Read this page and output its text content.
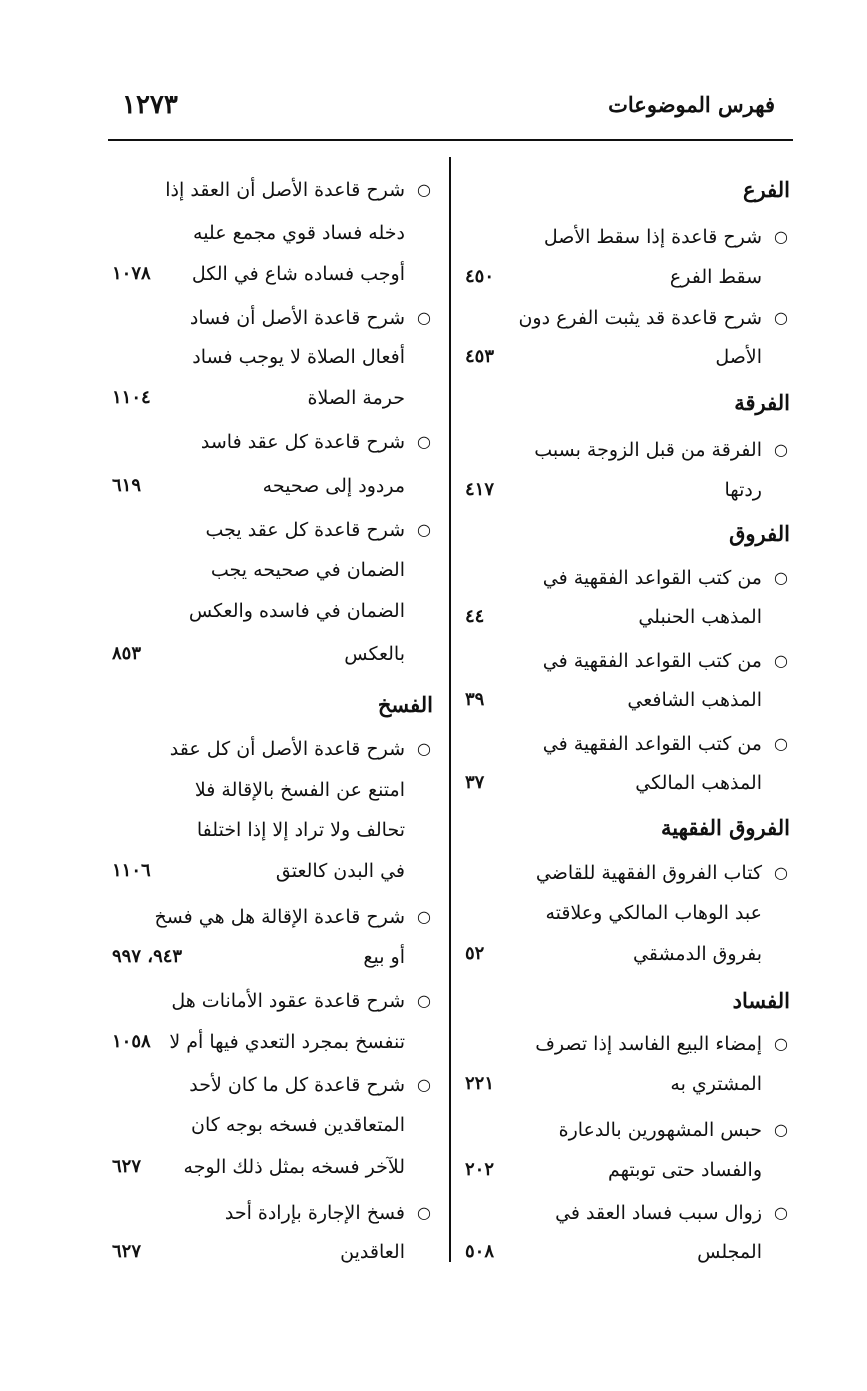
فهرس الموضوعات
١٢٧٣
الفرع
○
شرح قاعدة إذا سقط الأصل
سقط الفرع
٤٥٠
○
شرح قاعدة قد يثبت الفرع دون
الأصل
٤٥٣
الفرقة
○
الفرقة من قبل الزوجة بسبب
ردتها
٤١٧
الفروق
○
من كتب القواعد الفقهية في
المذهب الحنبلي
٤٤
○
من كتب القواعد الفقهية في
المذهب الشافعي
٣٩
○
من كتب القواعد الفقهية في
المذهب المالكي
٣٧
الفروق الفقهية
○
كتاب الفروق الفقهية للقاضي
عبد الوهاب المالكي وعلاقته
بفروق الدمشقي
٥٢
الفساد
○
إمضاء البيع الفاسد إذا تصرف
المشتري به
٢٢١
○
حبس المشهورين بالدعارة
والفساد حتى توبتهم
٢٠٢
○
زوال سبب فساد العقد في
المجلس
٥٠٨
○
شرح قاعدة الأصل أن العقد إذا
دخله فساد قوي مجمع عليه
أوجب فساده شاع في الكل
١٠٧٨
○
شرح قاعدة الأصل أن فساد
أفعال الصلاة لا يوجب فساد
حرمة الصلاة
١١٠٤
○
شرح قاعدة كل عقد فاسد
مردود إلى صحيحه
٦١٩
○
شرح قاعدة كل عقد يجب
الضمان في صحيحه يجب
الضمان في فاسده والعكس
بالعكس
٨٥٣
الفسخ
○
شرح قاعدة الأصل أن كل عقد
امتنع عن الفسخ بالإقالة فلا
تحالف ولا تراد إلا إذا اختلفا
في البدن كالعتق
١١٠٦
○
شرح قاعدة الإقالة هل هي فسخ
أو بيع
٩٤٣، ٩٩٧
○
شرح قاعدة عقود الأمانات هل
تنفسخ بمجرد التعدي فيها أم لا
١٠٥٨
○
شرح قاعدة كل ما كان لأحد
المتعاقدين فسخه بوجه كان
للآخر فسخه بمثل ذلك الوجه
٦٢٧
○
فسخ الإجارة بإرادة أحد
العاقدين
٦٢٧
